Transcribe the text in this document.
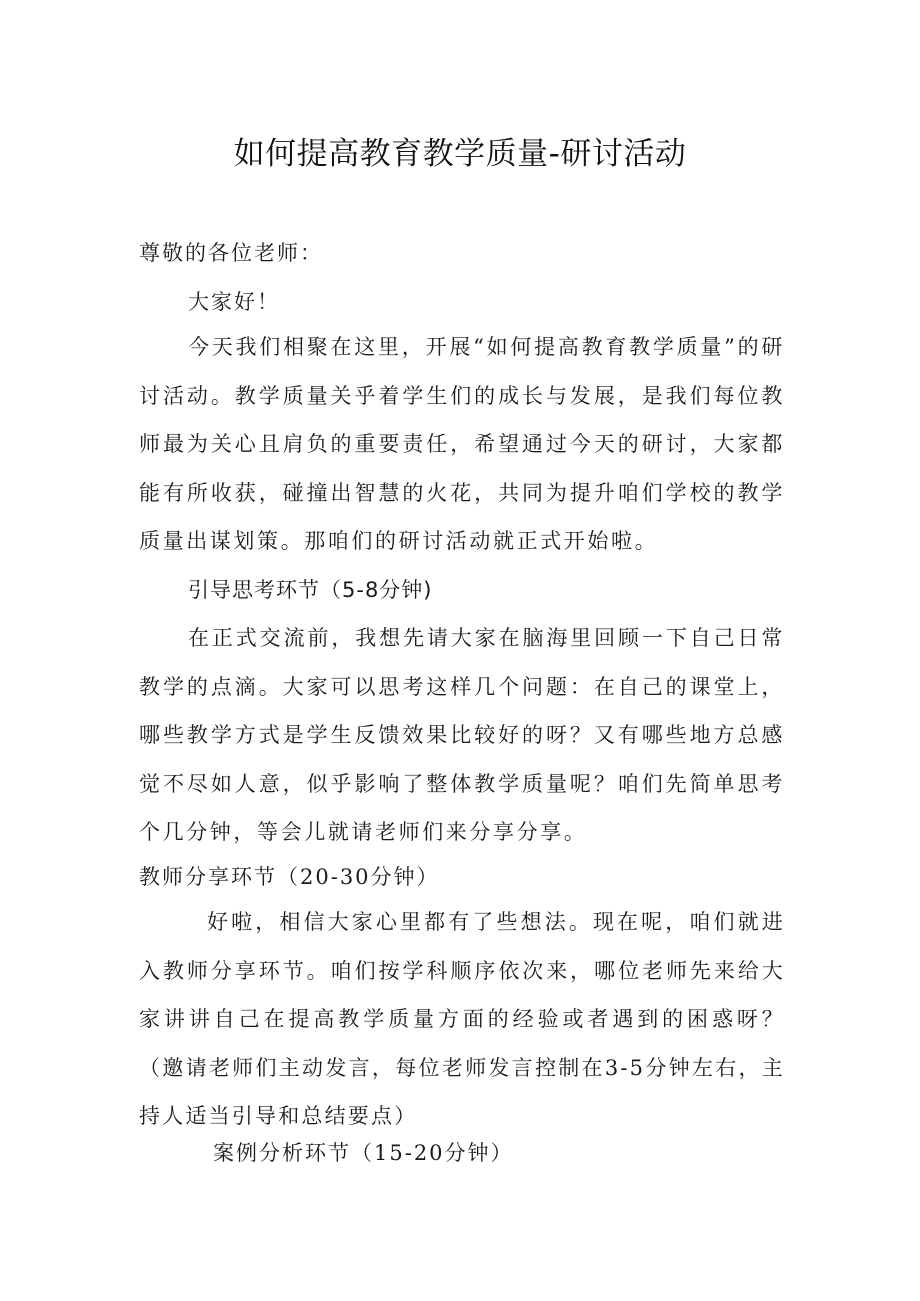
如何提高教育教学质量-研讨活动
尊敬的各位老师：
大家好！

今天我们相聚在这里，开展“如何提高教育教学质量”的研讨活动。教学质量关乎着学生们的成长与发展，是我们每位教师最为关心且肩负的重要责任，希望通过今天的研讨，大家都能有所收获，碰撞出智慧的火花，共同为提升咱们学校的教学质量出谋划策。那咱们的研讨活动就正式开始啦。

引导思考环节（5-8分钟)

在正式交流前，我想先请大家在脑海里回顾一下自己日常教学的点滴。大家可以思考这样几个问题：在自己的课堂上，哪些教学方式是学生反馈效果比较好的呀？又有哪些地方总感觉不尽如人意，似乎影响了整体教学质量呢？咱们先简单思考个几分钟，等会儿就请老师们来分享分享。

教师分享环节（20-30分钟）

好啦，相信大家心里都有了些想法。现在呢，咱们就进入教师分享环节。咱们按学科顺序依次来，哪位老师先来给大家讲讲自己在提高教学质量方面的经验或者遇到的困惑呀？（邀请老师们主动发言，每位老师发言控制在3-5分钟左右，主持人适当引导和总结要点）

案例分析环节（15-20分钟）
